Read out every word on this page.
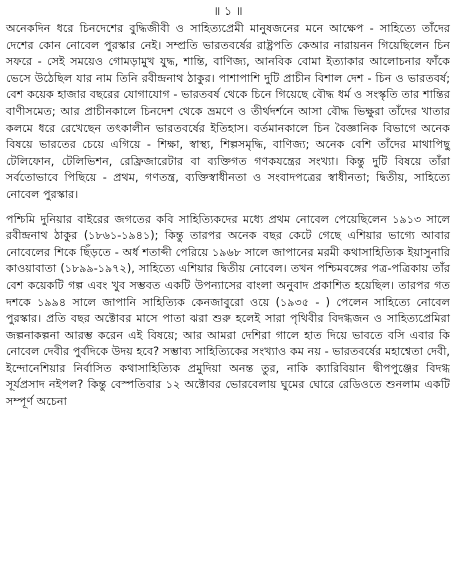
॥ ১ ॥

অনেকদিন ধরে চিনদেশের বুদ্ধিজীবী ও সাহিত্যপ্রেমী মানুষজনের মনে আক্ষেপ - সাহিত্যে তাঁদের দেশের কোন নোবেল পুরস্কার নেই। সম্প্রতি ভারতবর্ষের রাষ্ট্রপতি কেআর নারায়নন গিয়েছিলেন চিন সফরে - সেই সময়েও গোমড়ামুখ যুদ্ধ, শান্তি, বাণিজ্য, আনবিক বোমা ইত্যাকার আলোচনার ফাঁকে ভেসে উঠেছিল যার নাম তিনি রবীন্দ্রনাথ ঠাকুর। পাশাপাশি দুটি প্রাচীন বিশাল দেশ - চিন ও ভারতবর্ষ; বেশ কয়েক হাজার বছরের যোগাযোগ - ভারতবর্ষ থেকে চিনে গিয়েছে বৌদ্ধ ধর্ম ও সংস্কৃতি তার শান্তির বাণীসমেত; আর প্রাচীনকালে চিনদেশ থেকে ভ্রমণে ও তীর্থদর্শনে আসা বৌদ্ধ ভিক্ষুরা তাঁদের খাতার কলমে ধরে রেখেছেন তৎকালীন ভারতবর্ষের ইতিহাস। বর্তমানকালে চিন বৈজ্ঞানিক বিভাগে অনেক বিষয়ে ভারতের চেয়ে এগিয়ে - শিক্ষা, স্বাস্থ্য, শিল্পসমৃদ্ধি, বাণিজ্য; অনেক বেশি তাঁদের মাথাপিছু টেলিফোন, টেলিভিশন, রেফ্রিজারেটার বা ব্যক্তিগত গণকযন্ত্রের সংখ্যা। কিন্তু দুটি বিষয়ে তাঁরা সর্বতোভাবে পিছিয়ে - প্রথম, গণতন্ত্র, ব্যক্তিস্বাধীনতা ও সংবাদপত্রের স্বাধীনতা; দ্বিতীয়, সাহিত্যে নোবেল পুরস্কার।

পশ্চিমি দুনিয়ার বাইরের জগতের কবি সাহিত্যিকদের মধ্যে প্রথম নোবেল পেয়েছিলেন ১৯১৩ সালে রবীন্দ্রনাথ ঠাকুর (১৮৬১-১৯৪১); কিন্তু তারপর অনেক বছর কেটে গেছে এশিয়ার ভাগ্যে আবার নোবেলের শিকে ছিঁড়তে - অর্ধ শতাব্দী পেরিয়ে ১৯৬৮ সালে জাপানের মরমী কথাসাহিত্যিক ইয়াসুনারি কাওয়াবাতা (১৮৯৯-১৯৭২), সাহিত্যে এশিয়ার দ্বিতীয় নোবেল। তখন পশ্চিমবঙ্গের পত্র-পত্রিকায় তাঁর বেশ কয়েকটি গল্প এবং খুব সম্ভবত একটি উপন্যাসের বাংলা অনুবাদ প্রকাশিত হয়েছিল। তারপর গত দশকে ১৯৯৪ সালে জাপানি সাহিত্যিক কেনজাবুরো ওয়ে (১৯৩৫ - ) পেলেন সাহিত্যে নোবেল পুরস্কার। প্রতি বছর অক্টোবর মাসে পাতা ঝরা শুরু হলেই সারা পৃথিবীর বিদগ্ধজন ও সাহিত্যপ্রেমিরা জল্পনাকল্পনা আরম্ভ করেন এই বিষয়ে; আর আমরা দেশিরা গালে হাত দিয়ে ভাবতে বসি এবার কি নোবেল দেবীর পুর্বদিকে উদয় হবে? সম্ভাব্য সাহিত্যিকের সংখ্যাও কম নয় - ভারতবর্ষের মহাশ্বেতা দেবী, ইন্দোনেশিয়ার নির্বাসিত কথাসাহিত্যিক প্রমুদিয়া অনন্ত তুর, নাকি ক্যারিবিয়ান দ্বীপপুঞ্জের বিদগ্ধ সূর্যপ্রসাদ নইপল? কিন্তু বেস্পতিবার ১২ অক্টোবর ভোরবেলায় ঘুমের ঘোরে রেডিওতে শুনলাম একটি সম্পূর্ণ অচেনা
